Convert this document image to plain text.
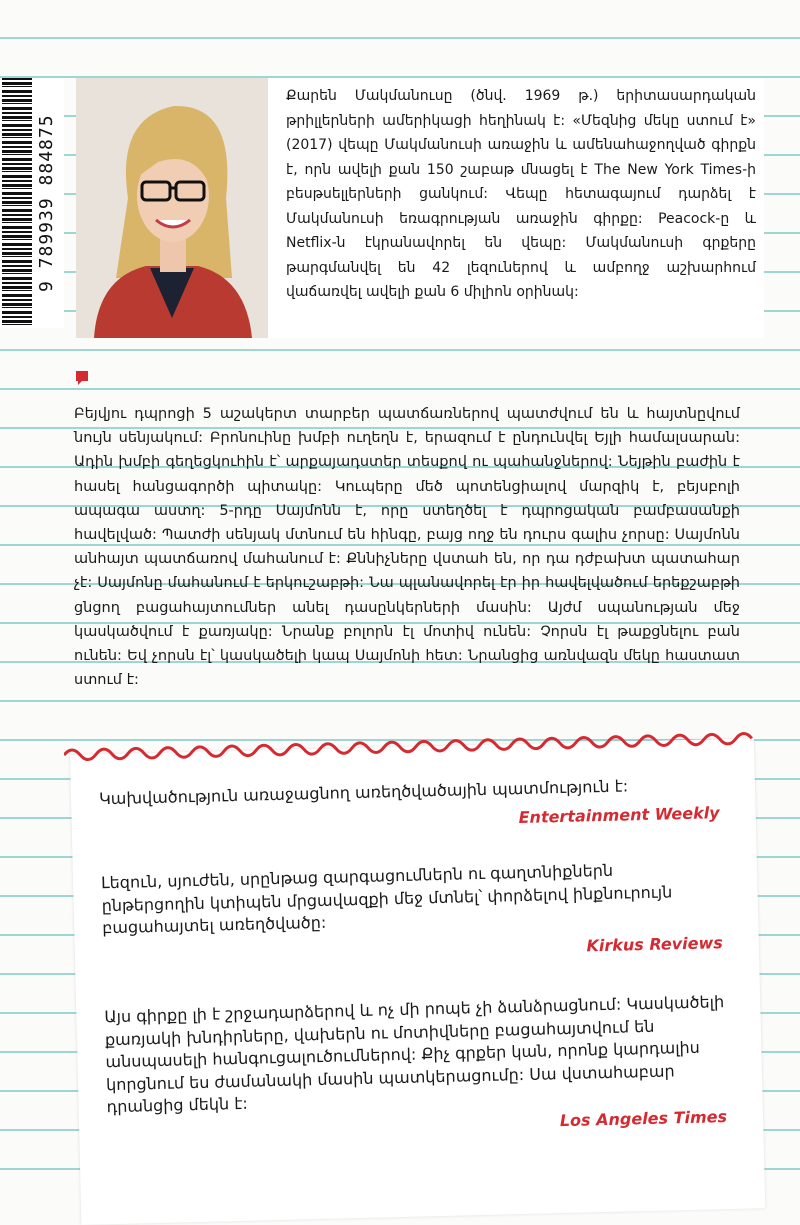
9 789939 884875

Քարեն Մակմանուսը (ծնվ. 1969 թ.) երիտասարդական թրիլլերների ամերիկացի հեղինակ է: «Մեզնից մեկը ստում է» (2017) վեպը Մակմանուսի առաջին և ամենահաջողված գիրքն է, որն ավելի քան 150 շաբաթ մնացել է The New York Times-ի բեսթսելլերների ցանկում: Վեպը հետագայում դարձել է Մակմանուսի եռագրության առաջին գիրքը: Peacock-ը և Netflix-ն էկրանավորել են վեպը: Մակմանուսի գրքերը թարգմանվել են 42 լեզուներով և ամբողջ աշխարհում վաճառվել ավելի քան 6 միլիոն օրինակ:

Բեյվյու դպրոցի 5 աշակերտ տարբեր պատճառներով պատժվում են և հայտնըվում նույն սենյակում: Բրոնուինը խմբի ուղեղն է, երազում է ընդունվել Եյլի համալսարան: Ադին խմբի գեղեցկուհին է՝ արքայադստեր տեսքով ու պահանջներով: Նեյթին բաժին է հասել հանցագործի պիտակը: Կուպերը մեծ պոտենցիալով մարզիկ է, բեյսբոլի ապագա աստղ: 5-րդը Սայմոնն է, որը ստեղծել է դպրոցական բամբասանքի հավելված: Պատժի սենյակ մտնում են հինգը, բայց ողջ են դուրս գալիս չորսը: Սայմոնն անհայտ պատճառով մահանում է: Քննիչները վստահ են, որ դա դժբախտ պատահար չէ: Սայմոնը մահանում է երկուշաբթի: Նա պլանավորել էր իր հավելվածում երեքշաբթի ցնցող բացահայտումներ անել դասընկերների մասին: Այժմ սպանության մեջ կասկածվում է քառյակը: Նրանք բոլորն էլ մոտիվ ունեն: Չորսն էլ թաքցնելու բան ունեն: Եվ չորսն էլ՝ կասկածելի կապ Սայմոնի հետ: Նրանցից առնվազն մեկը հաստատ ստում է:

Կախվածություն առաջացնող առեղծվածային պատմություն է:

Entertainment Weekly

Լեզուն, սյուժեն, սրընթաց զարգացումներն ու գաղտնիքներն ընթերցողին կտիպեն մրցավազքի մեջ մտնել՝ փորձելով ինքնուրույն բացահայտել առեղծվածը:

Kirkus Reviews

Այս գիրքը լի է շրջադարձերով և ոչ մի րոպե չի ձանձրացնում: Կասկածելի քառյակի խնդիրները, վախերն ու մոտիվները բացահայտվում են անսպասելի հանգուցալուծումներով: Քիչ գրքեր կան, որոնք կարդալիս կորցնում ես ժամանակի մասին պատկերացումը: Սա վստահաբար դրանցից մեկն է:

Los Angeles Times
